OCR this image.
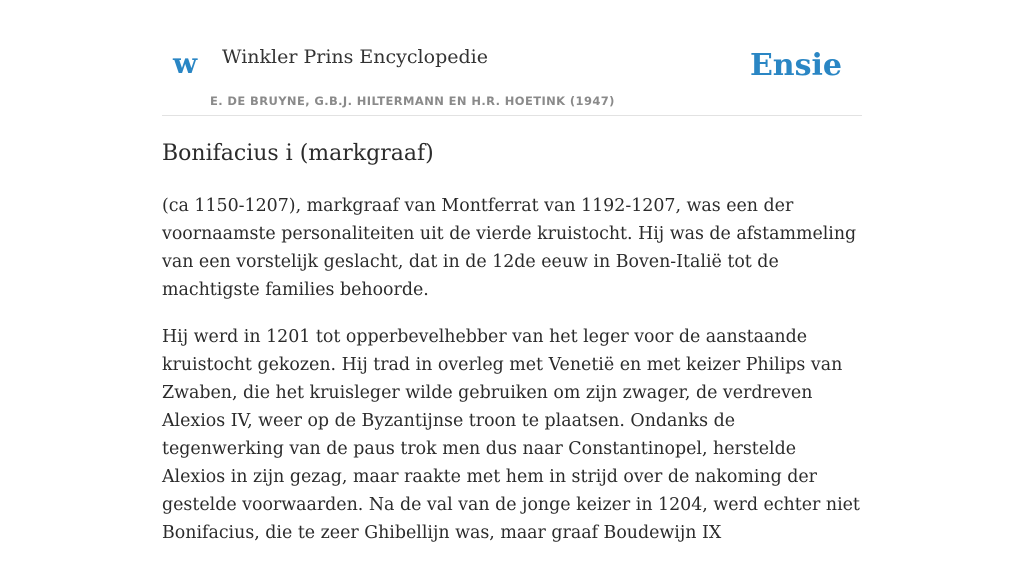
w Winkler Prins Encyclopedie
E. DE BRUYNE, G.B.J. HILTERMANN EN H.R. HOETINK (1947)
Ensie
Bonifacius i (markgraaf)

(ca 1150-1207), markgraaf van Montferrat van 1192-1207, was een der voornaamste personaliteiten uit de vierde kruistocht. Hij was de afstammeling van een vorstelijk geslacht, dat in de 12de eeuw in Boven-Italië tot de machtigste families behoorde.

Hij werd in 1201 tot opperbevelhebber van het leger voor de aanstaande kruistocht gekozen. Hij trad in overleg met Venetië en met keizer Philips van Zwaben, die het kruisleger wilde gebruiken om zijn zwager, de verdreven Alexios IV, weer op de Byzantijnse troon te plaatsen. Ondanks de tegenwerking van de paus trok men dus naar Constantinopel, herstelde Alexios in zijn gezag, maar raakte met hem in strijd over de nakoming der gestelde voorwaarden. Na de val van de jonge keizer in 1204, werd echter niet Bonifacius, die te zeer Ghibellijn was, maar graaf Boudewijn IX
